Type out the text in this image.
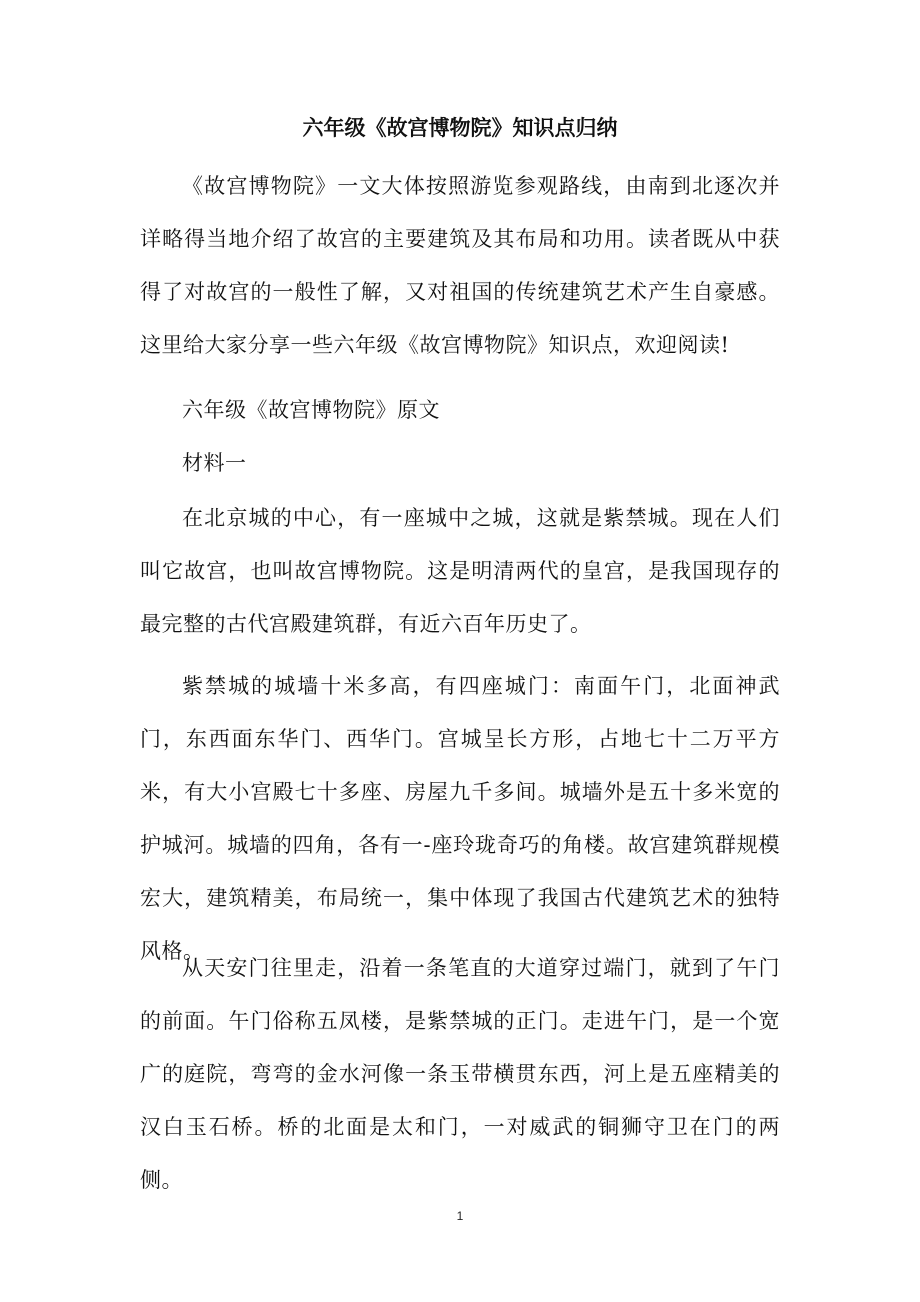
六年级《故宫博物院》知识点归纳

《故宫博物院》一文大体按照游览参观路线，由南到北逐次并详略得当地介绍了故宫的主要建筑及其布局和功用。读者既从中获得了对故宫的一般性了解，又对祖国的传统建筑艺术产生自豪感。这里给大家分享一些六年级《故宫博物院》知识点，欢迎阅读!

六年级《故宫博物院》原文

材料一

在北京城的中心，有一座城中之城，这就是紫禁城。现在人们叫它故宫，也叫故宫博物院。这是明清两代的皇宫，是我国现存的最完整的古代宫殿建筑群，有近六百年历史了。

紫禁城的城墙十米多高，有四座城门：南面午门，北面神武门，东西面东华门、西华门。宫城呈长方形，占地七十二万平方米，有大小宫殿七十多座、房屋九千多间。城墙外是五十多米宽的护城河。城墙的四角，各有一-座玲珑奇巧的角楼。故宫建筑群规模宏大，建筑精美，布局统一，集中体现了我国古代建筑艺术的独特风格。

从天安门往里走，沿着一条笔直的大道穿过端门，就到了午门的前面。午门俗称五凤楼，是紫禁城的正门。走进午门，是一个宽广的庭院，弯弯的金水河像一条玉带横贯东西，河上是五座精美的汉白玉石桥。桥的北面是太和门，一对威武的铜狮守卫在门的两侧。

1
